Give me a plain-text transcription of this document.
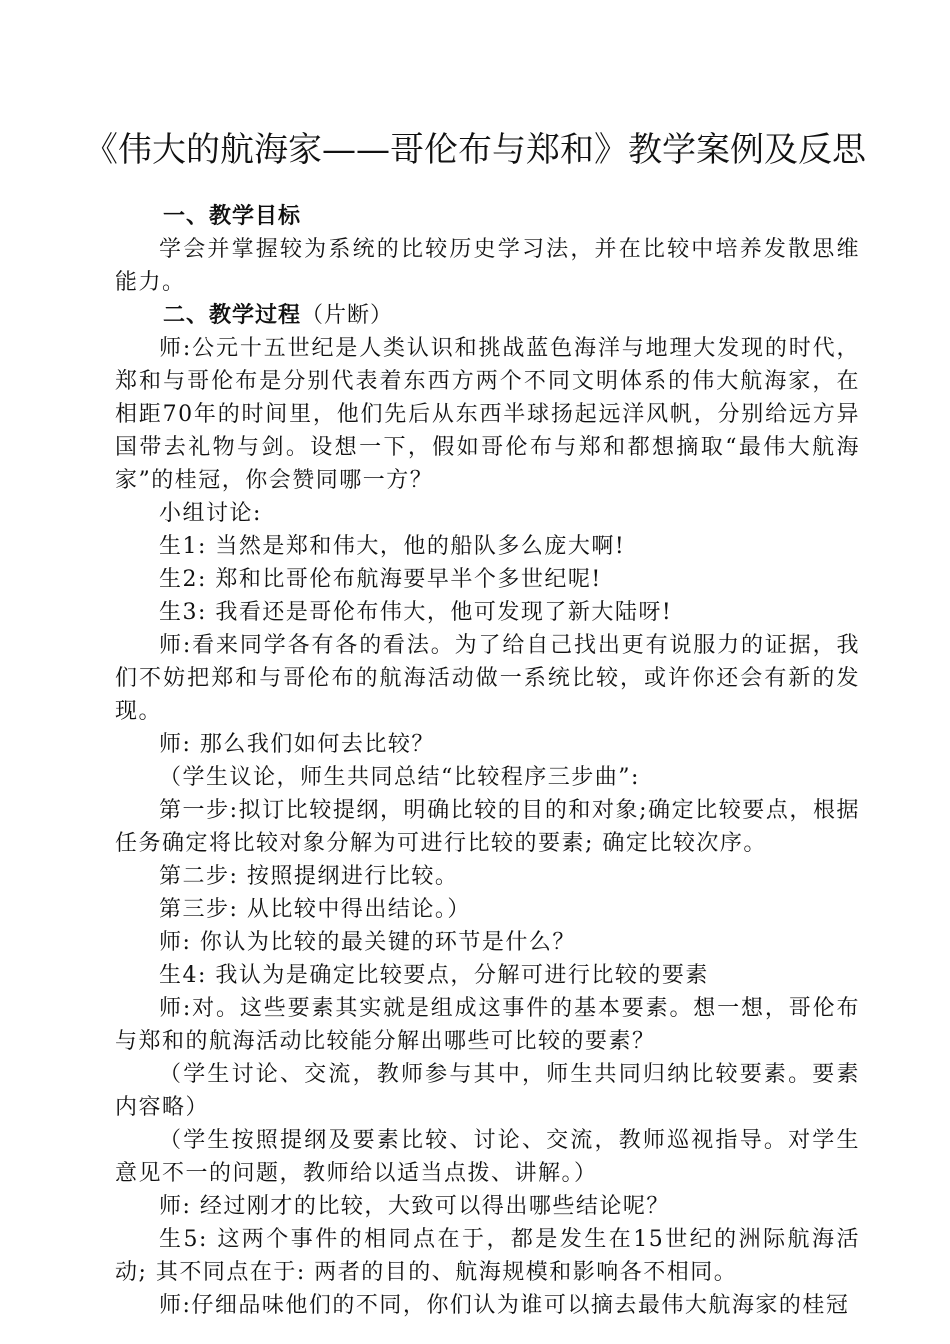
《伟大的航海家——哥伦布与郑和》教学案例及反思
一、教学目标

学会并掌握较为系统的比较历史学习法，并在比较中培养发散思维能力。

二、教学过程（片断）

师:公元十五世纪是人类认识和挑战蓝色海洋与地理大发现的时代，郑和与哥伦布是分别代表着东西方两个不同文明体系的伟大航海家，在相距70年的时间里，他们先后从东西半球扬起远洋风帆，分别给远方异国带去礼物与剑。设想一下，假如哥伦布与郑和都想摘取“最伟大航海家”的桂冠，你会赞同哪一方？

小组讨论:

生1: 当然是郑和伟大，他的船队多么庞大啊!

生2: 郑和比哥伦布航海要早半个多世纪呢!

生3: 我看还是哥伦布伟大，他可发现了新大陆呀!

师:看来同学各有各的看法。为了给自己找出更有说服力的证据，我们不妨把郑和与哥伦布的航海活动做一系统比较，或许你还会有新的发现。

师: 那么我们如何去比较？

（学生议论，师生共同总结“比较程序三步曲”:

第一步:拟订比较提纲，明确比较的目的和对象;确定比较要点，根据任务确定将比较对象分解为可进行比较的要素; 确定比较次序。

第二步: 按照提纲进行比较。

第三步: 从比较中得出结论。）

师: 你认为比较的最关键的环节是什么？

生4: 我认为是确定比较要点，分解可进行比较的要素

师:对。这些要素其实就是组成这事件的基本要素。想一想，哥伦布与郑和的航海活动比较能分解出哪些可比较的要素？

（学生讨论、交流，教师参与其中，师生共同归纳比较要素。要素内容略）

（学生按照提纲及要素比较、讨论、交流，教师巡视指导。对学生意见不一的问题，教师给以适当点拨、讲解。）

师: 经过刚才的比较，大致可以得出哪些结论呢？

生5: 这两个事件的相同点在于，都是发生在15世纪的洲际航海活动; 其不同点在于: 两者的目的、航海规模和影响各不相同。

师:仔细品味他们的不同，你们认为谁可以摘去最伟大航海家的桂冠
